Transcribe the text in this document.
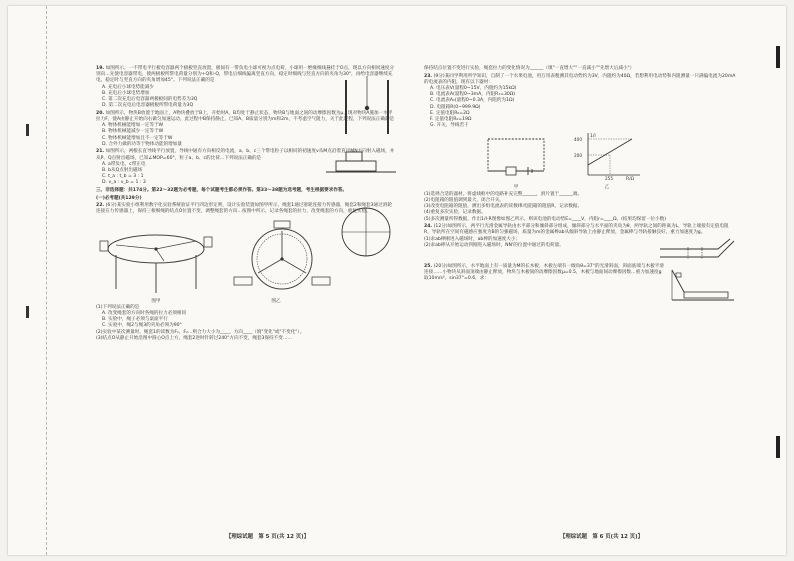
19. 如图所示，一不带电平行板电容器两个极板竖直放置，极间有一带负电小球可视为点电荷，小球用一绝缘细线悬挂于O点，现以方向相同速度分别向…先使电容器带电，使两极板所带电荷量分别为+Q和-Q，带电后细线偏离竖直方向，稳定时细线与竖直方向的夹角为30°，再给电容器继续充电，稳定时与竖直方向的夹角增加45°。下列说法正确的是
A. 充电后小球电势能减少
B. 充电后小球电势增加
C. 第二次充电后电容器两极板间的电势差为3Q
D. 第二次充电后电容器极板所带电荷量为3Q
20. 如图所示，物块B放置于地面上，A物块叠放于B上，开始时A、B均处于静止状态，物块B与地面之间的动摩擦因数为μ，现对物块A施加一水平拉力F，使A由静止开始向右做匀加速运动，此过程中B保持静止，已知A、B质量分别为m和2m，不考虑空气阻力，关于此过程，下列说法正确的是
A. 物体机械能增加一定等于W
B. 物体机械能减少一定等于W
C. 物体机械能增加且不一定等于W
D. 合外力做的功等于物体动能的增加量
21. 如图所示，两根长直导线平行放置，导线中通有方向相反的电流，a、b、c三个带电粒子以相同的初速度v从M点沿着直径MN方向射入磁场，并从P、Q点射出磁场，已知∠MOP=60°，粒子a、b、c的比荷…下列说法正确的是
A. a带负电，c带正电
B. b从Q点射出磁场
C. t_a : t_b = 3 : 1
D. v_a : v_b = 1 : 3
三、非选择题：共174分。第22～32题为必考题，每个试题考生都必须作答。第33～38题为选考题，考生根据要求作答。
(一)必考题(共129分)
22. (6分)某实验小组利用数字化实验系统验证平行四边形定则，设计实验装置如图甲所示，绳套1通过滑轮连接力传感器，绳套2和绳套3通过滑轮连接在力传感器上，保持三根细绳的结点O位置不变，调整绳套的方向…按图中所示，记录各绳套的拉力，改变绳套的方向，重复实验。
图甲	图乙
(1)下列说法正确的是
A. 改变绳套的方向时各绳的拉力必须相同
B. 实验中，绳子必须与桌面平行
C. 实验中，绳2与绳3的夹角必须为90°
(2)实验中某次测量时，绳套1的读数为F₁，F₂…则合力大小为____，方向____（填"变化"或"不变化"）。
(3)结点O从静止开始沿图中圆心O点上方，绳套2逆时针转过240°方向不变，绳套3保持不变……
保持结点位置不变进行实验，绳套拉力的变化情况为______（填"一直增大""一直减小""先增大后减小"）
23. (9分)某同学利用所学知识，自制了一个水果电池，用万用表粗测其电动势约为3V，内阻约为40Ω，若想利用电动势和内阻测量一只满偏电流为20mA的电流表的内阻，现有以下器材：
A. 电压表V(量程0~15V，内阻约为15kΩ)
B. 电流表A(量程0~3mA，内阻R₁=30Ω)
C. 电流表A₁(量程0~0.3A，内阻约为1Ω)
D. 电阻箱R(0~999.9Ω)
E. 定值电阻R₀=2Ω
F. 定值电阻R₂=19Ω
G. 开关，导线若干
甲
1/I
R/Ω
400
200
255
乙
(1)选择合适的器材，将虚线框中的电路补充完整______，滑片置于______端。
(2)电阻箱的阻值调到最大，闭合开关。
(3)改变电阻箱的阻值，测出多组电流表的读数I和电阻箱的阻值R，记录数据。
(4)重复多次实验，记录数据。
(5)多次测量所得数据，作出1/I-R图像如图乙所示，则该电池的电动势E=____V，内阻r=____Ω。(结果均保留一位小数)
24. (12分)如图所示，两平行光滑金属导轨由水平部分和倾斜部分组成，倾斜部分与水平面的夹角为θ，两导轨之间的距离为L，导轨上端接有定值电阻R，导轨所在空间有磁感应强度为B的匀强磁场，质量为m的金属棒ab从倾斜导轨上由静止释放，金属棒与导轨接触良好，重力加速度为g。
(1)求ab棒刚进入磁场时，ab棒的加速度大小；
(2)求ab棒从开始运动到刚进入磁场时，NN'的位置中通过的电荷量。
25. (20分)如图所示，水平地面上有一质量为M的长木板，木板左端有一倾角θ=37°的光滑斜面，斜面底端与木板平滑连接……小物块从斜面顶端由静止释放，物块与木板间的动摩擦因数μ=0.5，木板与地面间动摩擦因数…重力加速度g取10m/s²，sin37°=0.6，求：
【理综试题　第 5 页(共 12 页)】	【理综试题　第 6 页(共 12 页)】
